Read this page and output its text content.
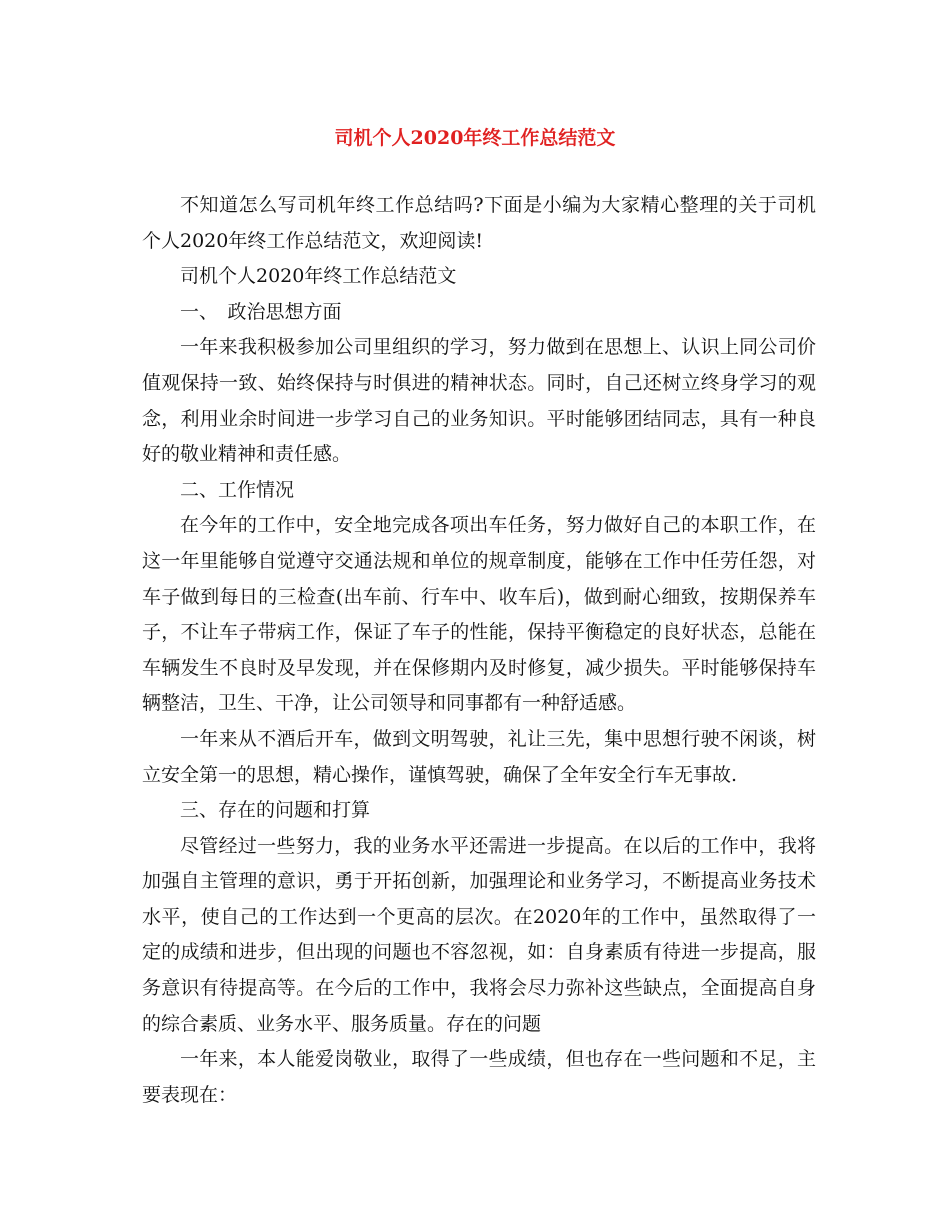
司机个人2020年终工作总结范文

不知道怎么写司机年终工作总结吗?下面是小编为大家精心整理的关于司机个人2020年终工作总结范文，欢迎阅读!

司机个人2020年终工作总结范文

一、　政治思想方面

一年来我积极参加公司里组织的学习，努力做到在思想上、认识上同公司价值观保持一致、始终保持与时俱进的精神状态。同时，自己还树立终身学习的观念，利用业余时间进一步学习自己的业务知识。平时能够团结同志，具有一种良好的敬业精神和责任感。

二、工作情况

在今年的工作中，安全地完成各项出车任务，努力做好自己的本职工作，在这一年里能够自觉遵守交通法规和单位的规章制度，能够在工作中任劳任怨，对车子做到每日的三检查(出车前、行车中、收车后)，做到耐心细致，按期保养车子，不让车子带病工作，保证了车子的性能，保持平衡稳定的良好状态，总能在车辆发生不良时及早发现，并在保修期内及时修复，减少损失。平时能够保持车辆整洁，卫生、干净，让公司领导和同事都有一种舒适感。

一年来从不酒后开车，做到文明驾驶，礼让三先，集中思想行驶不闲谈，树立安全第一的思想，精心操作，谨慎驾驶，确保了全年安全行车无事故.

三、存在的问题和打算

尽管经过一些努力，我的业务水平还需进一步提高。在以后的工作中，我将加强自主管理的意识，勇于开拓创新，加强理论和业务学习，不断提高业务技术水平，使自己的工作达到一个更高的层次。在2020年的工作中，虽然取得了一定的成绩和进步，但出现的问题也不容忽视，如：自身素质有待进一步提高，服务意识有待提高等。在今后的工作中，我将会尽力弥补这些缺点，全面提高自身的综合素质、业务水平、服务质量。存在的问题

一年来，本人能爱岗敬业，取得了一些成绩，但也存在一些问题和不足，主要表现在：
